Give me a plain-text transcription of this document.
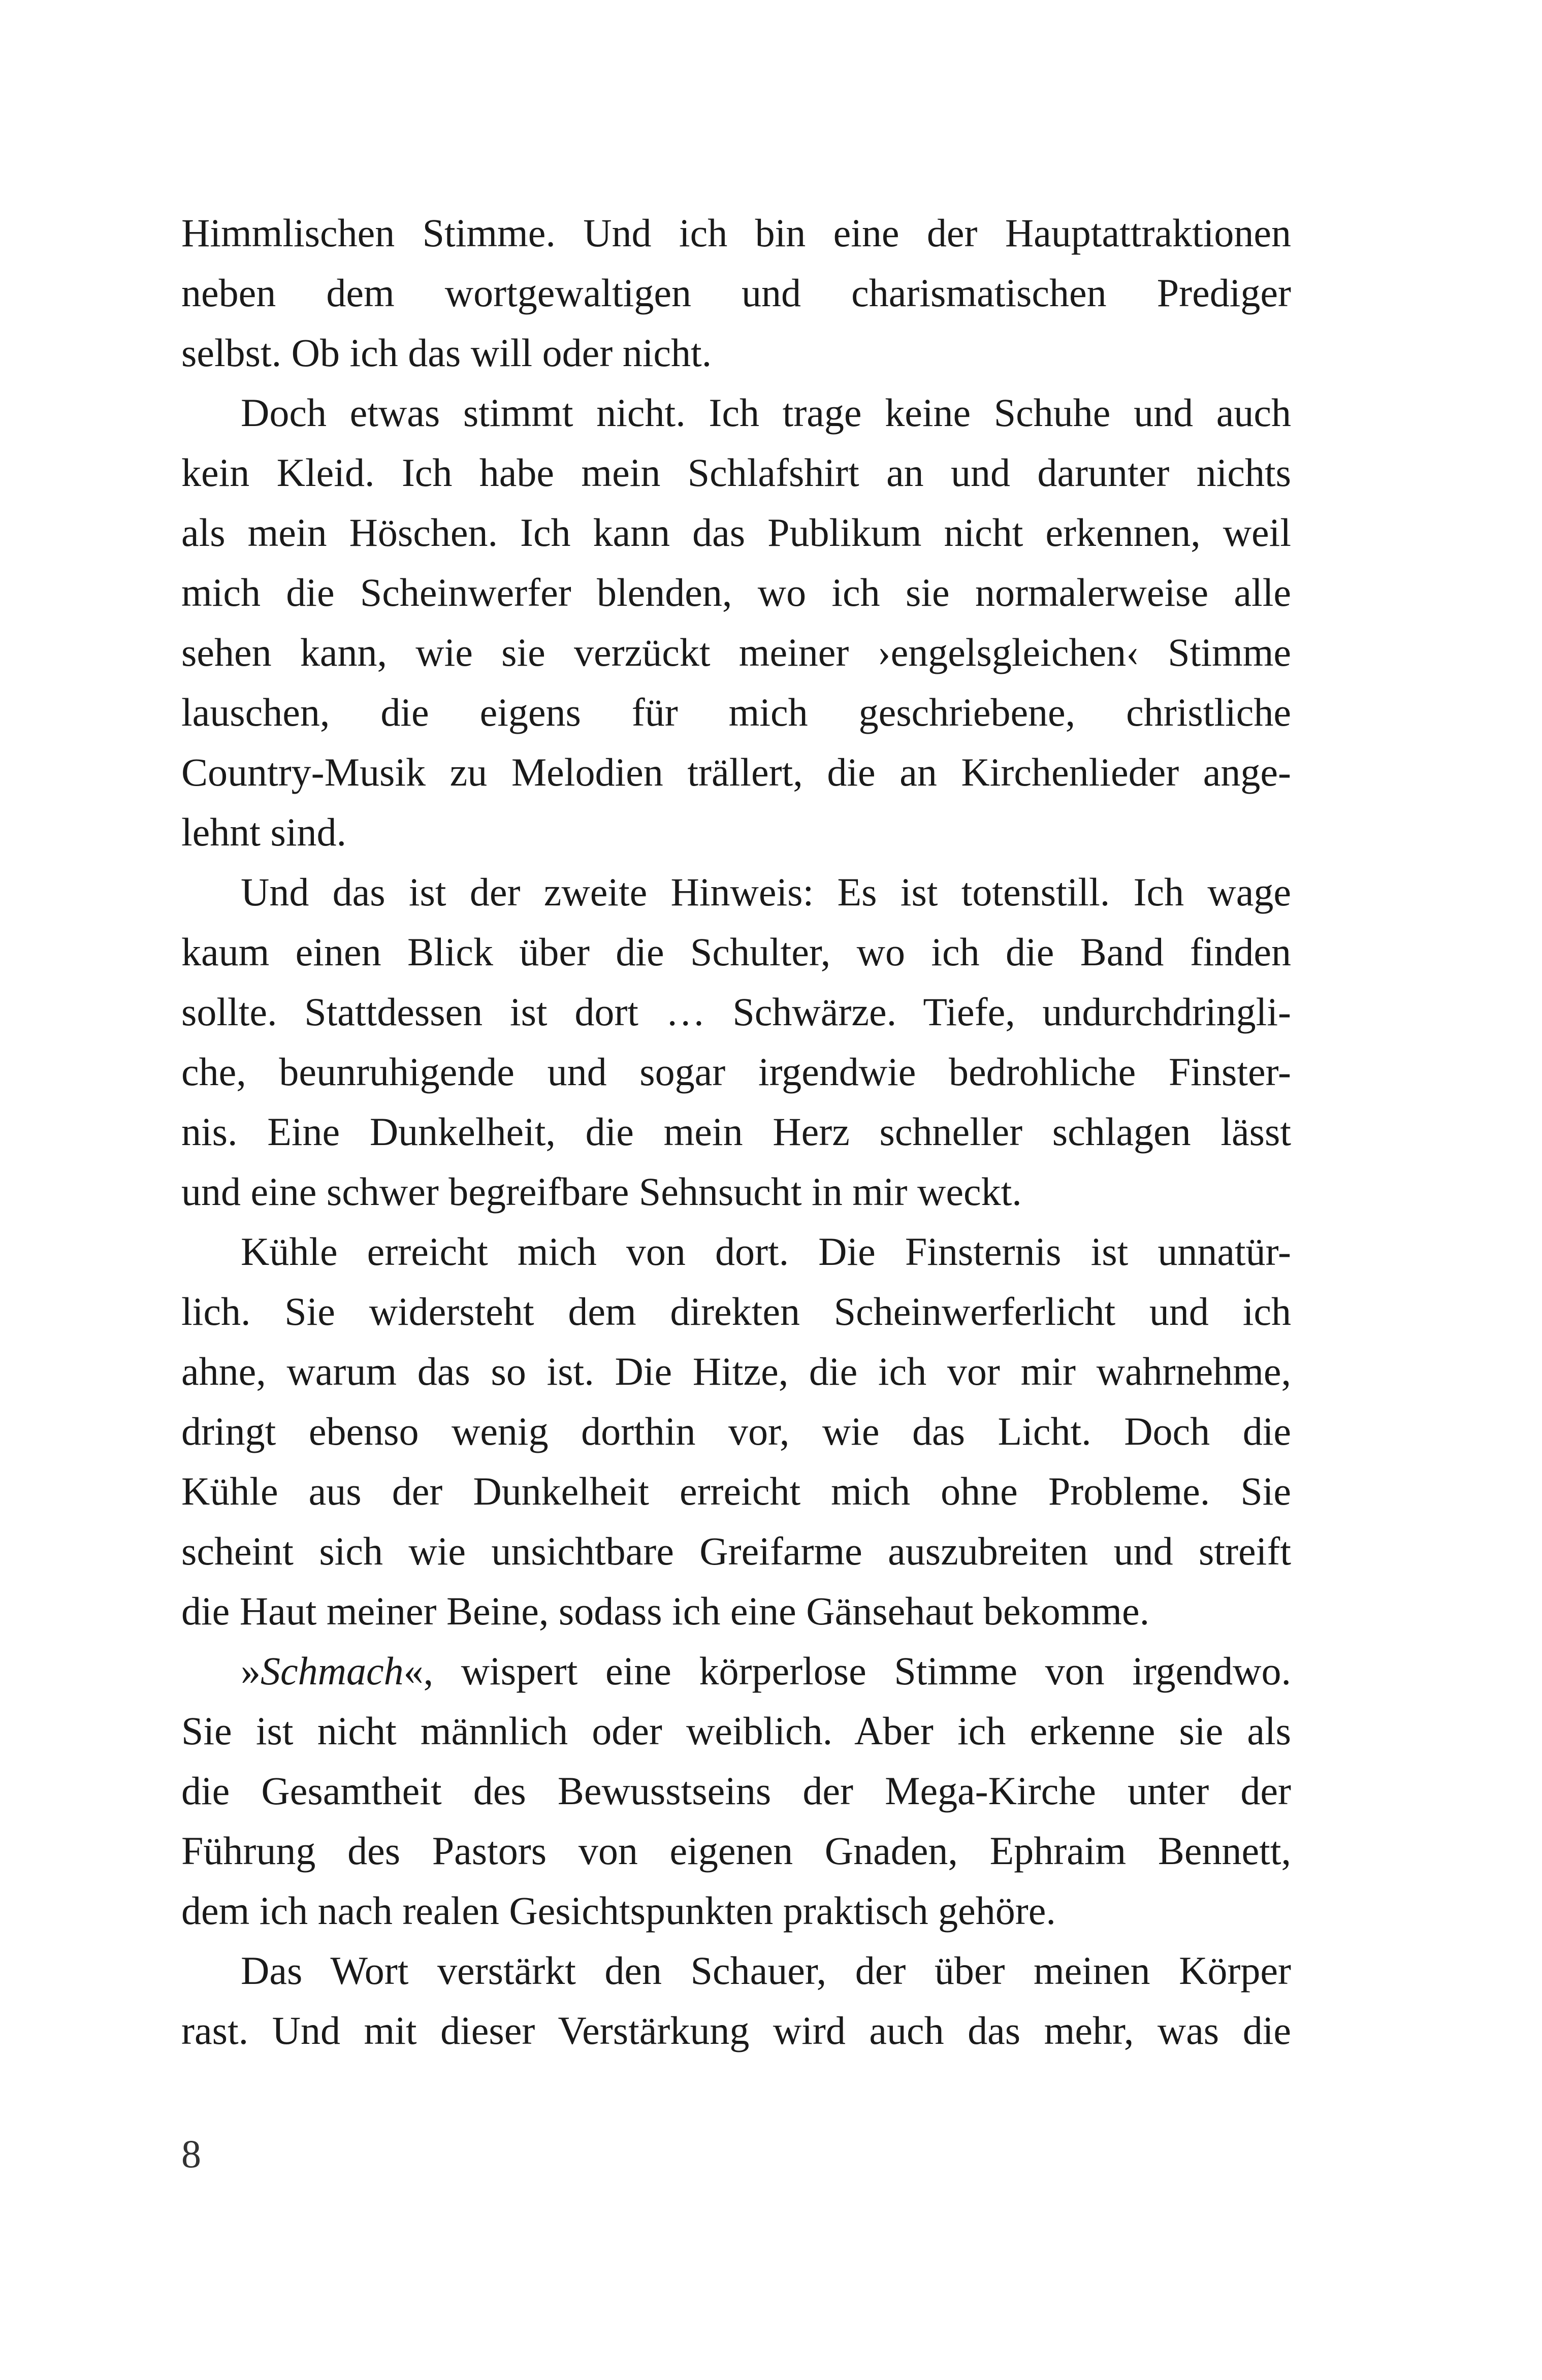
Himmlischen Stimme. Und ich bin eine der Hauptattraktionen
neben dem wortgewaltigen und charismatischen Prediger
selbst. Ob ich das will oder nicht.
Doch etwas stimmt nicht. Ich trage keine Schuhe und auch
kein Kleid. Ich habe mein Schlafshirt an und darunter nichts
als mein Höschen. Ich kann das Publikum nicht erkennen, weil
mich die Scheinwerfer blenden, wo ich sie normalerweise alle
sehen kann, wie sie verzückt meiner ›engelsgleichen‹ Stimme
lauschen, die eigens für mich geschriebene, christliche
Country-Musik zu Melodien trällert, die an Kirchenlieder ange-
lehnt sind.
Und das ist der zweite Hinweis: Es ist totenstill. Ich wage
kaum einen Blick über die Schulter, wo ich die Band finden
sollte. Stattdessen ist dort … Schwärze. Tiefe, undurchdringli-
che, beunruhigende und sogar irgendwie bedrohliche Finster-
nis. Eine Dunkelheit, die mein Herz schneller schlagen lässt
und eine schwer begreifbare Sehnsucht in mir weckt.
Kühle erreicht mich von dort. Die Finsternis ist unnatür-
lich. Sie widersteht dem direkten Scheinwerferlicht und ich
ahne, warum das so ist. Die Hitze, die ich vor mir wahrnehme,
dringt ebenso wenig dorthin vor, wie das Licht. Doch die
Kühle aus der Dunkelheit erreicht mich ohne Probleme. Sie
scheint sich wie unsichtbare Greifarme auszubreiten und streift
die Haut meiner Beine, sodass ich eine Gänsehaut bekomme.
»Schmach«, wispert eine körperlose Stimme von irgendwo.
Sie ist nicht männlich oder weiblich. Aber ich erkenne sie als
die Gesamtheit des Bewusstseins der Mega-Kirche unter der
Führung des Pastors von eigenen Gnaden, Ephraim Bennett,
dem ich nach realen Gesichtspunkten praktisch gehöre.
Das Wort verstärkt den Schauer, der über meinen Körper
rast. Und mit dieser Verstärkung wird auch das mehr, was die
8
